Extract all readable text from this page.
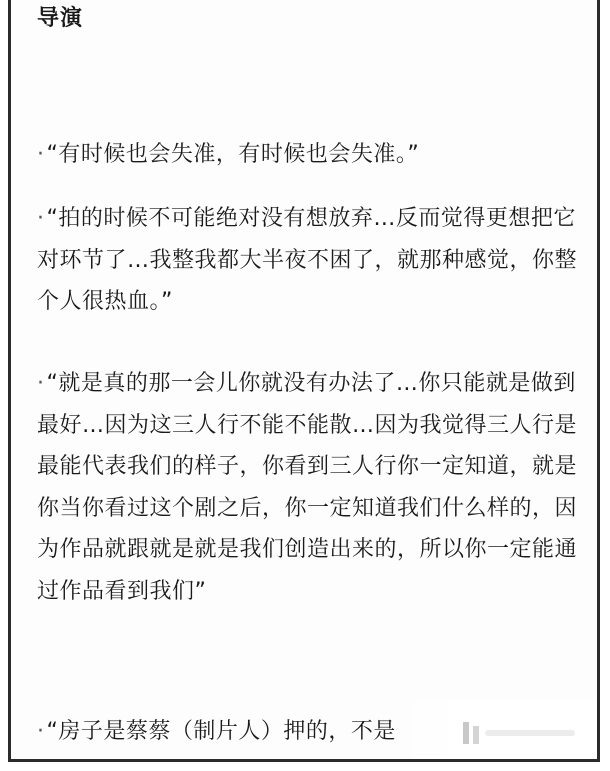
导演

·“有时候也会失准，有时候也会失准。”

·“拍的时候不可能绝对没有想放弃…反而觉得更想把它对环节了…我整我都大半夜不困了，就那种感觉，你整个人很热血。”

·“就是真的那一会儿你就没有办法了…你只能就是做到最好…因为这三人行不能不能散…因为我觉得三人行是最能代表我们的样子，你看到三人行你一定知道，就是你当你看过这个剧之后，你一定知道我们什么样的，因为作品就跟就是就是我们创造出来的，所以你一定能通过作品看到我们”

·“房子是蔡蔡（制片人）押的，不是
